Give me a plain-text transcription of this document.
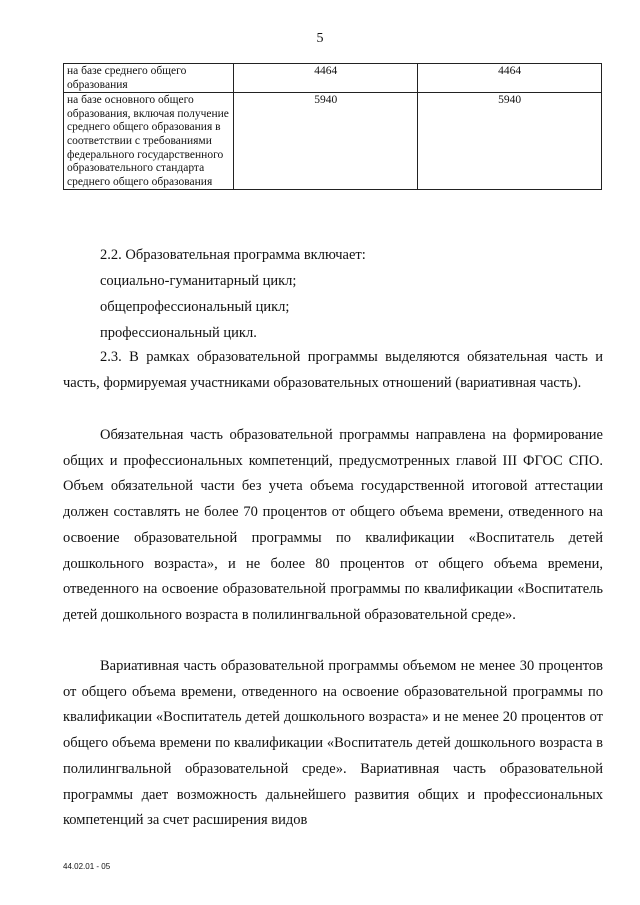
5
на базе среднего общего образования	4464	4464
на базе основного общего образования, включая получение среднего общего образования в соответствии с требованиями федерального государственного образовательного стандарта среднего общего образования	5940	5940

2.2. Образовательная программа включает:

социально-гуманитарный цикл;

общепрофессиональный цикл;

профессиональный цикл.

2.3. В рамках образовательной программы выделяются обязательная часть и часть, формируемая участниками образовательных отношений (вариативная часть).

Обязательная часть образовательной программы направлена на формирование общих и профессиональных компетенций, предусмотренных главой III ФГОС СПО. Объем обязательной части без учета объема государственной итоговой аттестации должен составлять не более 70 процентов от общего объема времени, отведенного на освоение образовательной программы по квалификации «Воспитатель детей дошкольного возраста», и не более 80 процентов от общего объема времени, отведенного на освоение образовательной программы по квалификации «Воспитатель детей дошкольного возраста в полилингвальной образовательной среде».

Вариативная часть образовательной программы объемом не менее 30 процентов от общего объема времени, отведенного на освоение образовательной программы по квалификации «Воспитатель детей дошкольного возраста» и не менее 20 процентов от общего объема времени по квалификации «Воспитатель детей дошкольного возраста в полилингвальной образовательной среде». Вариативная часть образовательной программы дает возможность дальнейшего развития общих и профессиональных компетенций за счет расширения видов

44.02.01 - 05
